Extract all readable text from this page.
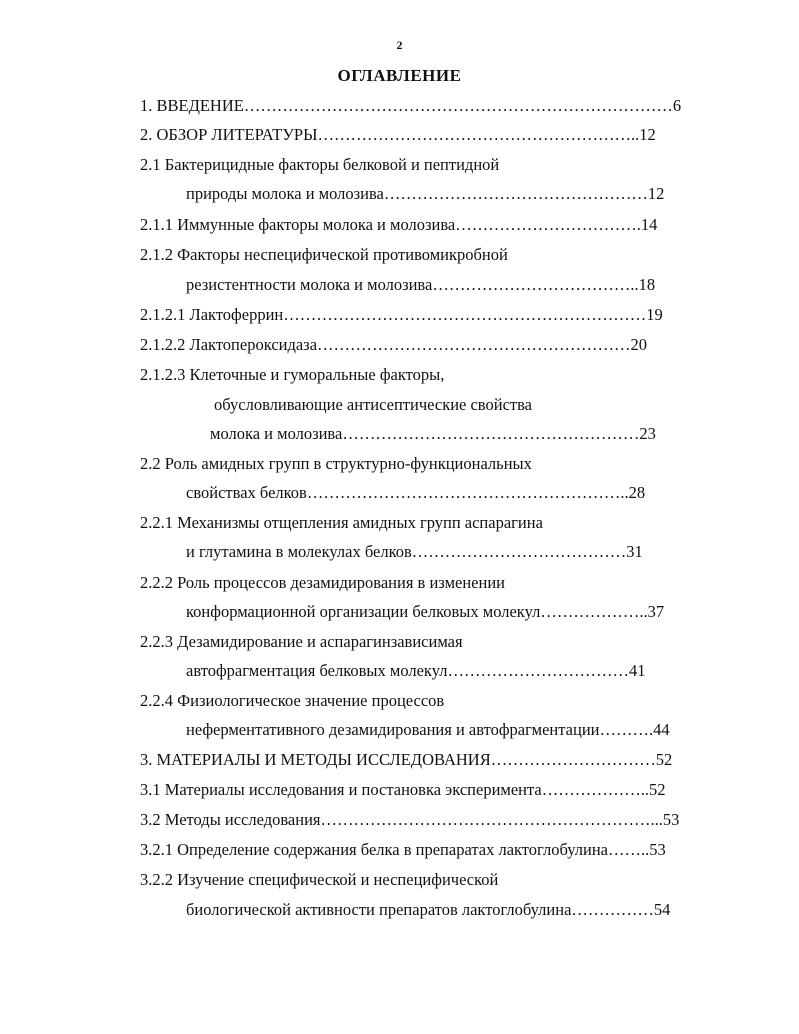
2
ОГЛАВЛЕНИЕ
1. ВВЕДЕНИЕ……………………………………………………………………6
2. ОБЗОР ЛИТЕРАТУРЫ…………………………………………………..12
2.1 Бактерицидные факторы белковой и пептидной
природы молока и молозива…………………………………………12
2.1.1 Иммунные факторы молока и молозива…………………………….14
2.1.2 Факторы неспецифической противомикробной
резистентности молока и молозива………………………………..18
2.1.2.1 Лактоферрин…………………………………………………………19
2.1.2.2 Лактопероксидаза…………………………………………………20
2.1.2.3 Клеточные и гуморальные факторы,
обусловливающие антисептические свойства
молока и молозива………………………………………………23
2.2 Роль амидных групп в структурно-функциональных
свойствах белков…………………………………………………..28
2.2.1 Механизмы отщепления амидных групп аспарагина
и глутамина в молекулах белков…………………………………31
2.2.2 Роль процессов дезамидирования в изменении
конформационной организации белковых молекул………………..37
2.2.3 Дезамидирование и аспарагинзависимая
автофрагментация белковых молекул……………………………41
2.2.4 Физиологическое значение процессов
неферментативного дезамидирования и автофрагментации……….44
3. МАТЕРИАЛЫ И МЕТОДЫ ИССЛЕДОВАНИЯ…………………………52
3.1 Материалы исследования и постановка эксперимента………………..52
3.2 Методы исследования……………………………………………………...53
3.2.1 Определение содержания белка в препаратах лактоглобулина……..53
3.2.2 Изучение специфической и неспецифической
биологической активности препаратов лактоглобулина……………54
